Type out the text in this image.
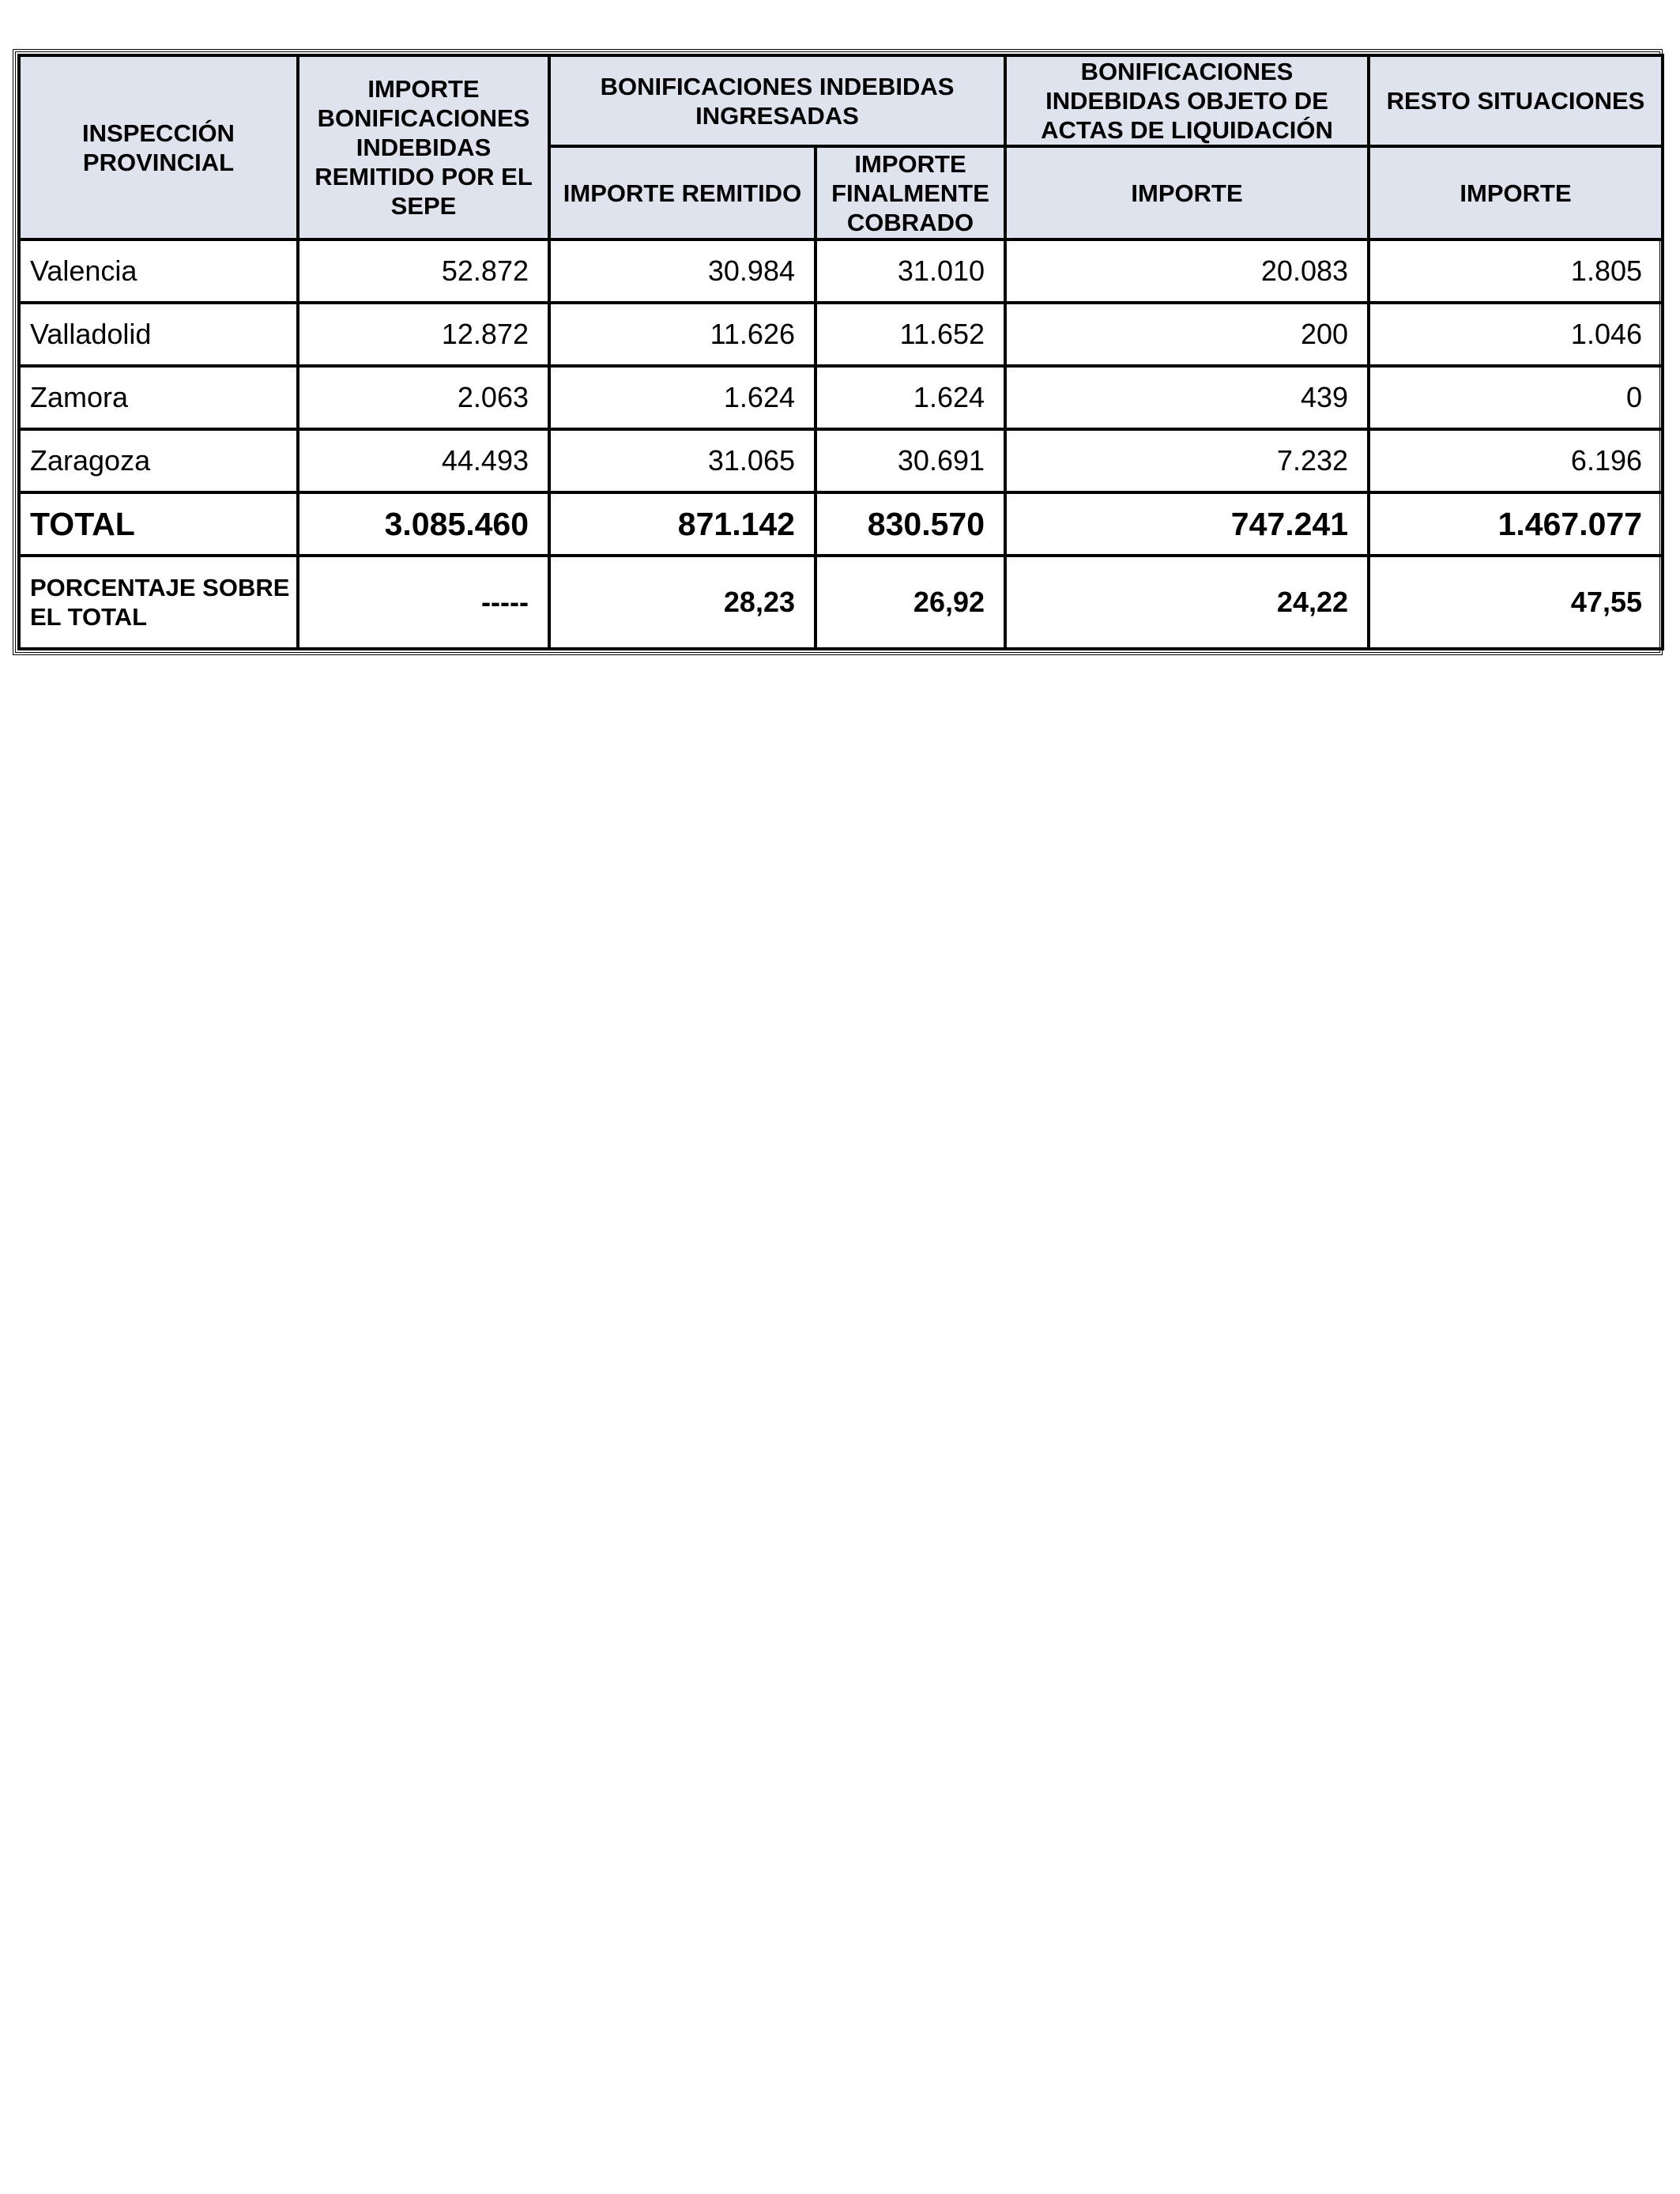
INSPECCIÓN PROVINCIAL	IMPORTE BONIFICACIONES INDEBIDAS REMITIDO POR EL SEPE	BONIFICACIONES INDEBIDAS INGRESADAS		BONIFICACIONES INDEBIDAS OBJETO DE ACTAS DE LIQUIDACIÓN	RESTO SITUACIONES
		IMPORTE REMITIDO	IMPORTE FINALMENTE COBRADO	IMPORTE	IMPORTE
Valencia	52.872	30.984	31.010	20.083	1.805
Valladolid	12.872	11.626	11.652	200	1.046
Zamora	2.063	1.624	1.624	439	0
Zaragoza	44.493	31.065	30.691	7.232	6.196
TOTAL	3.085.460	871.142	830.570	747.241	1.467.077
PORCENTAJE SOBRE EL TOTAL	-----	28,23	26,92	24,22	47,55
